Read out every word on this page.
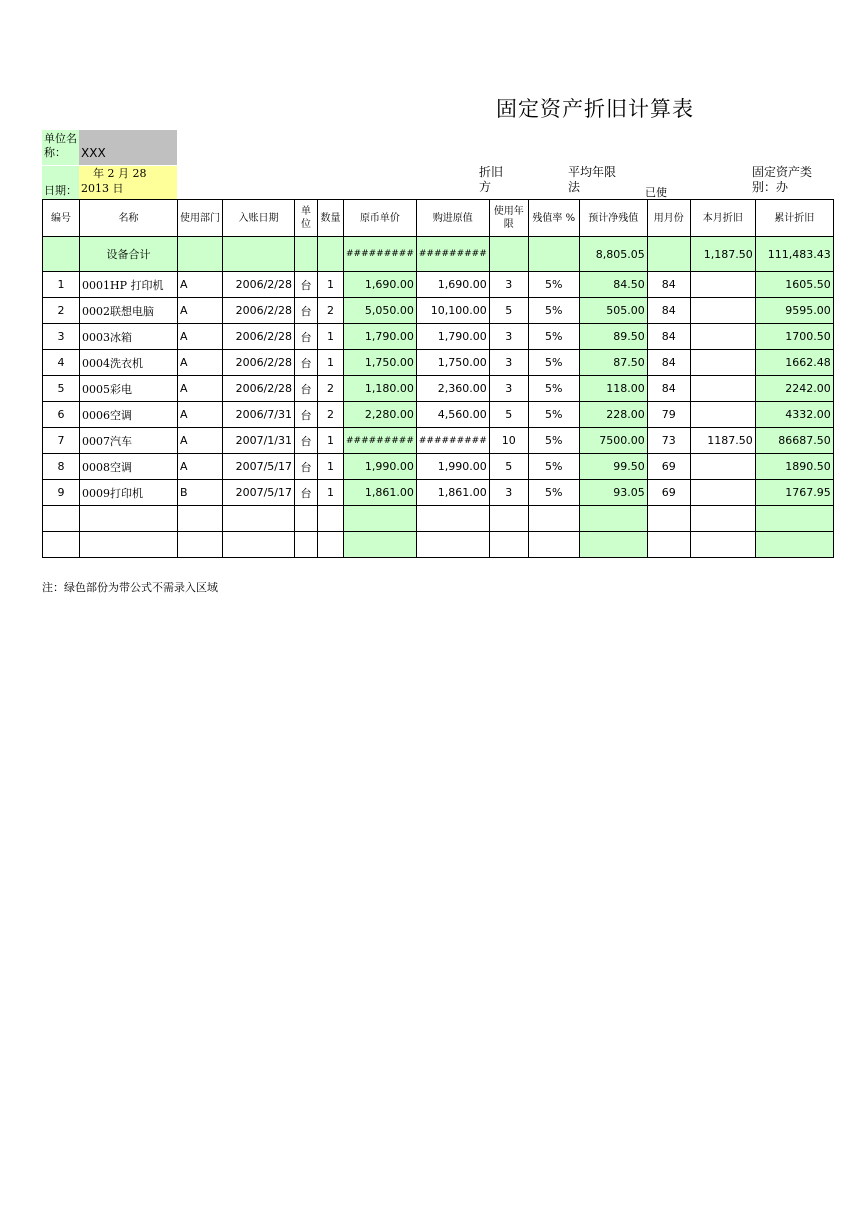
固定资产折旧计算表
单位名称：	XXX
日期：
年 2 月 28 2013 日
折旧方
平均年限法	已使
固定资产类别：办
编号	名称	使用部门	入账日期	单位	数量	原币单价	购进原值	使用年限	残值率 %	预计净残值	用月份	本月折旧	累计折旧
	设备合计					#########	#########			8,805.05		1,187.50	111,483.43
1	0001HP 打印机	A	2006/2/28	台	1	1,690.00	1,690.00	3	5%	84.50	84		1605.50
2	0002联想电脑	A	2006/2/28	台	2	5,050.00	10,100.00	5	5%	505.00	84		9595.00
3	0003冰箱	A	2006/2/28	台	1	1,790.00	1,790.00	3	5%	89.50	84		1700.50
4	0004洗衣机	A	2006/2/28	台	1	1,750.00	1,750.00	3	5%	87.50	84		1662.48
5	0005彩电	A	2006/2/28	台	2	1,180.00	2,360.00	3	5%	118.00	84		2242.00
6	0006空调	A	2006/7/31	台	2	2,280.00	4,560.00	5	5%	228.00	79		4332.00
7	0007汽车	A	2007/1/31	台	1	#########	#########	10	5%	7500.00	73	1187.50	86687.50
8	0008空调	A	2007/5/17	台	1	1,990.00	1,990.00	5	5%	99.50	69		1890.50
9	0009打印机	B	2007/5/17	台	1	1,861.00	1,861.00	3	5%	93.05	69		1767.95

注：绿色部份为带公式不需录入区域
